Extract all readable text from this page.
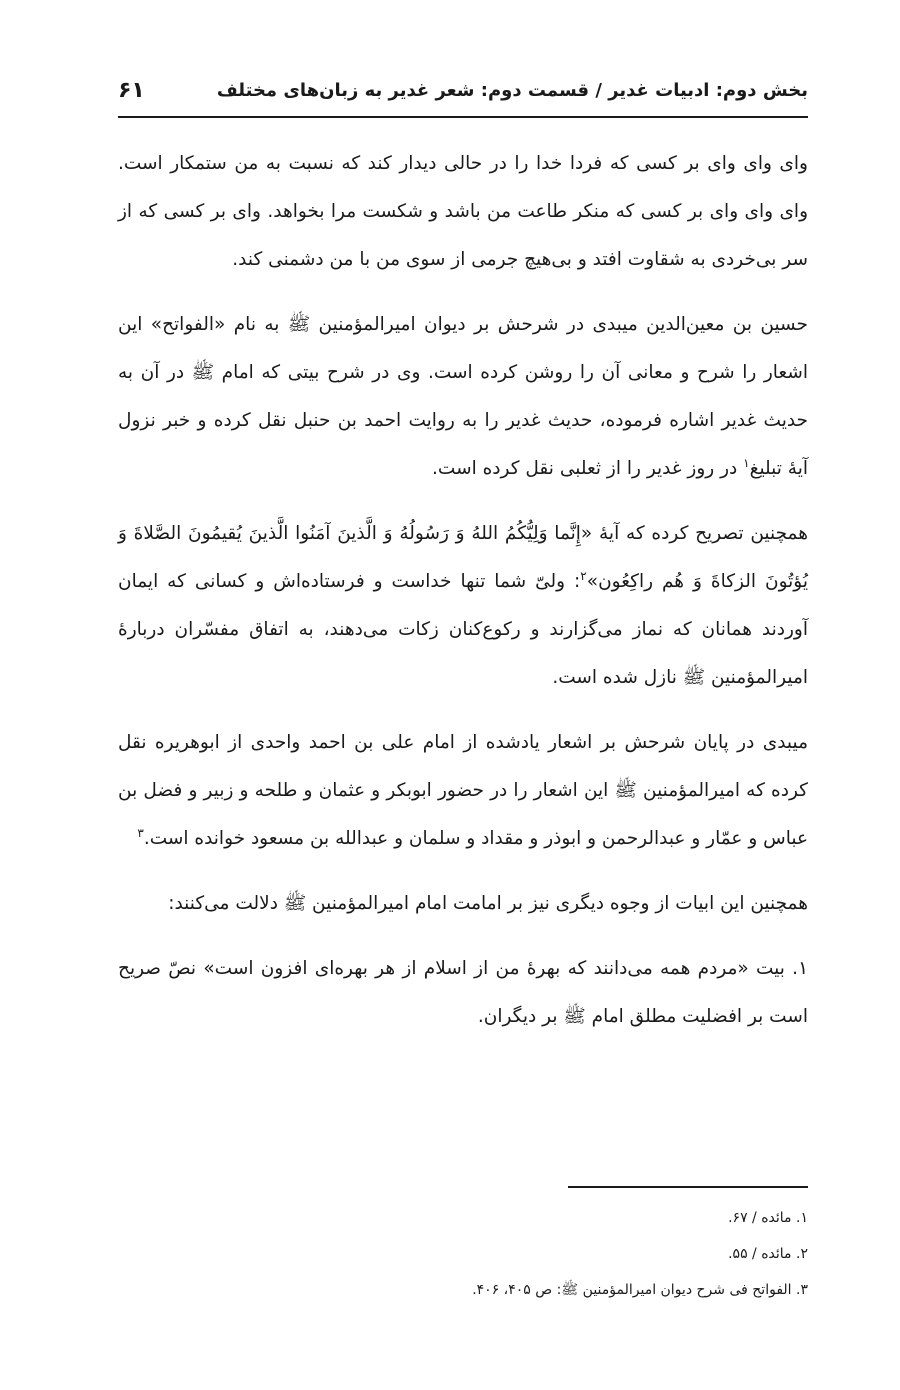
بخش دوم: ادبیات غدیر / قسمت دوم: شعر غدیر به زبان‌های مختلف
۶۱

وای وای وای بر کسی که فردا خدا را در حالی دیدار کند که نسبت به من ستمکار است. وای وای وای بر کسی که منکر طاعت من باشد و شکست مرا بخواهد. وای بر کسی که از سر بی‌خردی به شقاوت افتد و بی‌هیچ جرمی از سوی من با من دشمنی کند.

حسین بن معین‌الدین میبدی در شرحش بر دیوان امیرالمؤمنین ﷺ به نام «الفواتح» این اشعار را شرح و معانی آن را روشن کرده است. وی در شرح بیتی که امام ﷺ در آن به حدیث غدیر اشاره فرموده، حدیث غدیر را به روایت احمد بن حنبل نقل کرده و خبر نزول آیهٔ تبلیغ$^۱$ در روز غدیر را از ثعلبی نقل کرده است.

همچنین تصریح کرده که آیهٔ «إِنَّما وَلِیُّکُمُ اللهُ وَ رَسُولُهُ وَ الَّذینَ آمَنُوا الَّذینَ یُقیمُونَ الصَّلاةَ وَ یُؤتُونَ الزکاةَ وَ هُم راکِعُون»$^۲$: ولیّ شما تنها خداست و فرستاده‌اش و کسانی که ایمان آوردند همانان که نماز می‌گزارند و رکوع‌کنان زکات می‌دهند، به اتفاق مفسّران دربارهٔ امیرالمؤمنین ﷺ نازل شده است.

میبدی در پایان شرحش بر اشعار یادشده از امام علی بن احمد واحدی از ابوهریره نقل کرده که امیرالمؤمنین ﷺ این اشعار را در حضور ابوبکر و عثمان و طلحه و زبیر و فضل بن عباس و عمّار و عبدالرحمن و ابوذر و مقداد و سلمان و عبدالله بن مسعود خوانده است.$^۳$

همچنین این ابیات از وجوه دیگری نیز بر امامت امام امیرالمؤمنین ﷺ دلالت می‌کنند:

۱. بیت «مردم همه می‌دانند که بهرهٔ من از اسلام از هر بهره‌ای افزون است» نصّ صریح است بر افضلیت مطلق امام ﷺ بر دیگران.

۱. مائده / ۶۷.

۲. مائده / ۵۵.

۳. الفواتح فی شرح دیوان امیرالمؤمنین ﷺ: ص ۴۰۵، ۴۰۶.
